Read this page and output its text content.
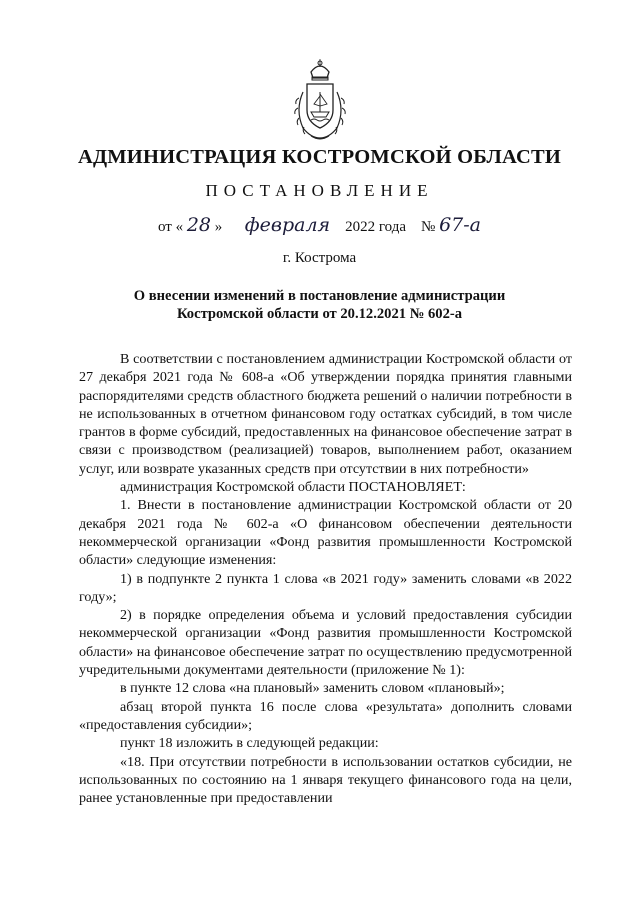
АДМИНИСТРАЦИЯ КОСТРОМСКОЙ ОБЛАСТИ
ПОСТАНОВЛЕНИЕ
от « 28 » февраля 2022 года № 67-а
г. Кострома
О внесении изменений в постановление администрации
Костромской области от 20.12.2021 № 602-а

В соответствии с постановлением администрации Костромской области от 27 декабря 2021 года № 608-а «Об утверждении порядка принятия главными распорядителями средств областного бюджета решений о наличии потребности в не использованных в отчетном финансовом году остатках субсидий, в том числе грантов в форме субсидий, предоставленных на финансовое обеспечение затрат в связи с производством (реализацией) товаров, выполнением работ, оказанием услуг, или возврате указанных средств при отсутствии в них потребности»

администрация Костромской области ПОСТАНОВЛЯЕТ:

1. Внести в постановление администрации Костромской области от 20 декабря 2021 года № 602-а «О финансовом обеспечении деятельности некоммерческой организации «Фонд развития промышленности Костромской области» следующие изменения:

1) в подпункте 2 пункта 1 слова «в 2021 году» заменить словами «в 2022 году»;

2) в порядке определения объема и условий предоставления субсидии некоммерческой организации «Фонд развития промышленности Костромской области» на финансовое обеспечение затрат по осуществлению предусмотренной учредительными документами деятельности (приложение № 1):

в пункте 12 слова «на плановый» заменить словом «плановый»;

абзац второй пункта 16 после слова «результата» дополнить словами «предоставления субсидии»;

пункт 18 изложить в следующей редакции:

«18. При отсутствии потребности в использовании остатков субсидии, не использованных по состоянию на 1 января текущего финансового года на цели, ранее установленные при предоставлении
